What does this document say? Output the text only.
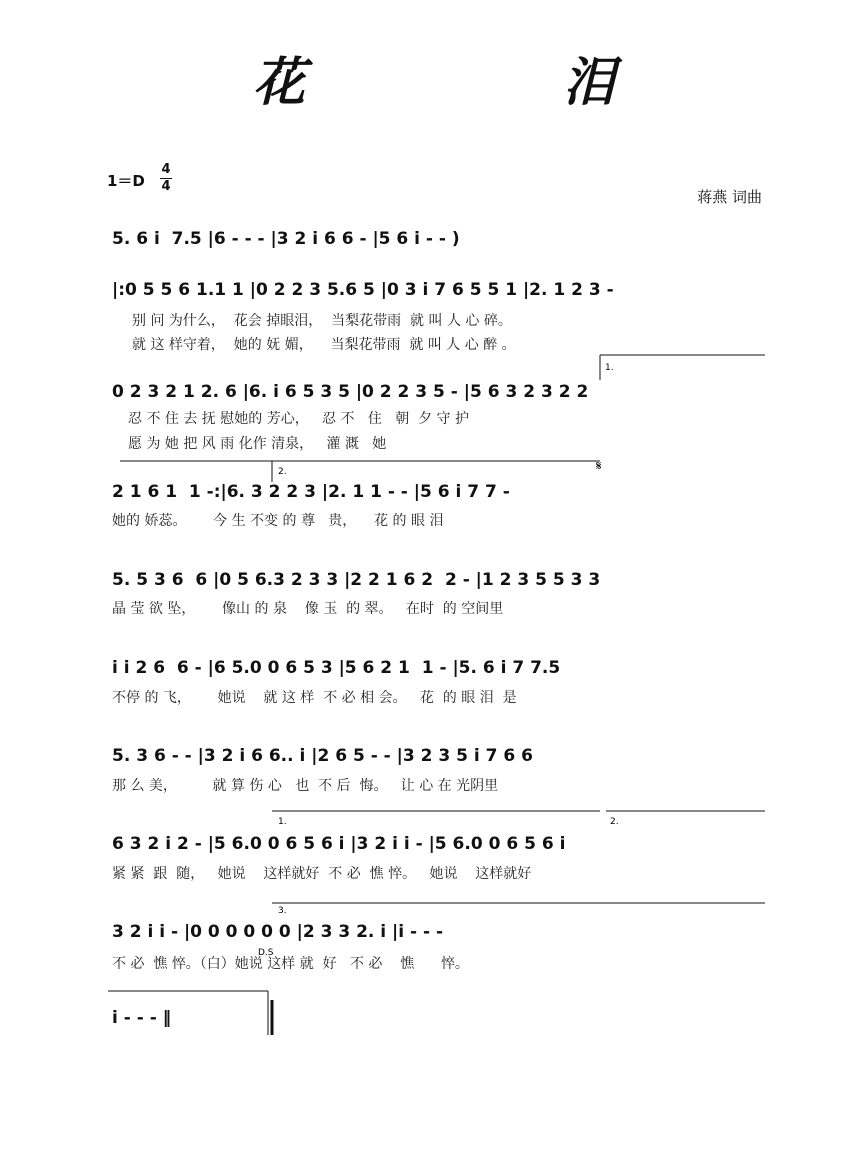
花 泪
1＝D
4
4
蒋燕 词曲
5. 6 i  7.5 |6 - - - |3 2 i 6 6 - |5 6 i - - )
|:0 5 5 6 1.1 1 |0 2 2 3 5.6 5 |0 3 i 7 6 5 5 1 |2. 1 2 3 -
别 问 为什么，  花会 掉眼泪，  当梨花带雨  就 叫 人 心 碎。
就 这 样守着，  她的 妩 媚，    当梨花带雨  就 叫 人 心 醉 。
0 2 3 2 1 2. 6 |6. i 6 5 3 5 |0 2 2 3 5 - |5 6 3 2 3 2 2
忍 不 住 去 抚 慰她的 芳心，   忍 不   住   朝  夕 守 护
愿 为 她 把 风 雨 化作 清泉，   灌 溉   她
2 1 6 1  1 -:|6. 3 2 2 3 |2. 1 1 - - |5 6 i 7 7 -
她的 娇蕊。      今 生 不变 的 尊   贵，    花 的 眼 泪
5. 5 3 6  6 |0 5 6.3 2 3 3 |2 2 1 6 2  2 - |1 2 3 5 5 3 3
晶 莹 欲 坠，      像山 的 泉    像 玉  的 翠。   在时  的 空间里
i i 2 6  6 - |6 5.0 0 6 5 3 |5 6 2 1  1 - |5. 6 i 7 7.5
不停 的 飞，      她说    就 这 样  不 必 相 会。   花  的 眼 泪  是
5. 3 6 - - |3 2 i 6 6.. i |2 6 5 - - |3 2 3 5 i 7 6 6
那 么 美，        就 算 伤 心   也  不 后  悔。   让 心 在 光阴里
6 3 2 i 2 - |5 6.0 0 6 5 6 i |3 2 i i - |5 6.0 0 6 5 6 i
紧 紧  跟  随，   她说    这样就好  不 必  憔 悴。   她说    这样就好
3 2 i i - |0 0 0 0 0 0 |2 3 3 2. i |i - - -
不 必  憔 悴。（白）她说 这样 就  好   不 必    憔      悴。
i - - - ‖
1.
2.
1.	2.
3.
𝄋
D.S
